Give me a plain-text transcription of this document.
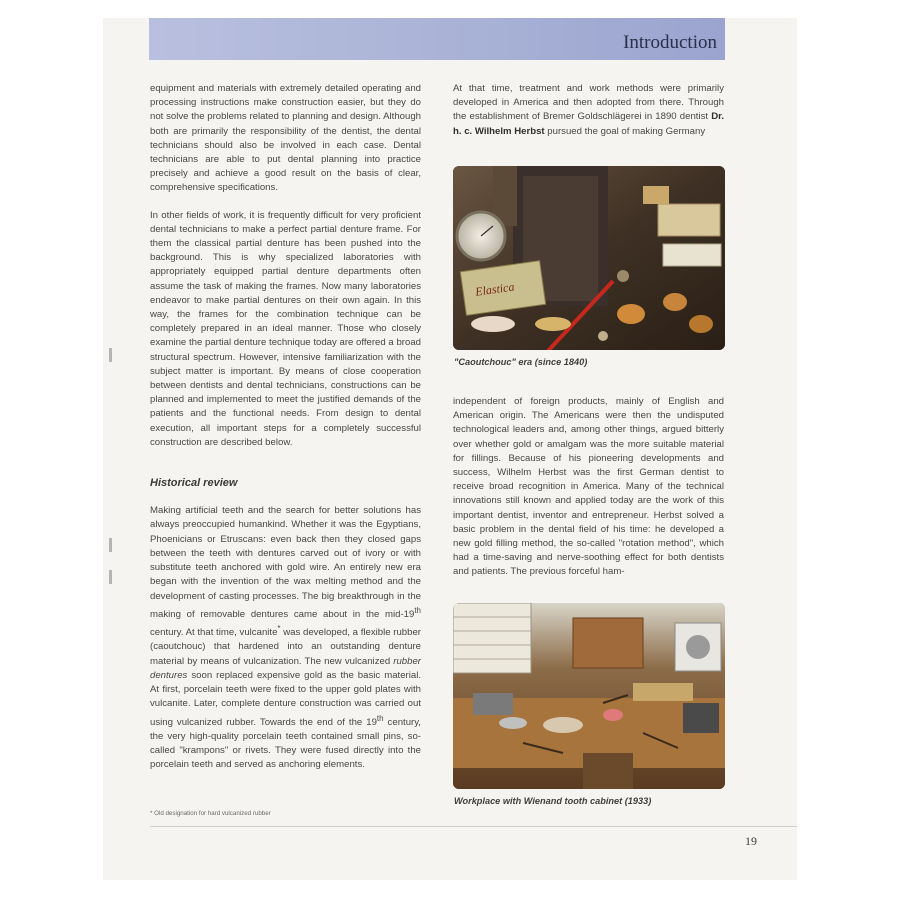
Introduction

equipment and materials with extremely detailed operating and processing instructions make construction easier, but they do not solve the problems related to planning and design. Although both are primarily the responsibility of the dentist, the dental technicians should also be involved in each case. Dental technicians are able to put dental planning into practice precisely and achieve a good result on the basis of clear, comprehensive specifications.

In other fields of work, it is frequently difficult for very proficient dental technicians to make a perfect partial denture frame. For them the classical partial denture has been pushed into the background. This is why specialized laboratories with appropriately equipped partial denture departments often assume the task of making the frames. Now many laboratories endeavor to make partial dentures on their own again. In this way, the frames for the combination technique can be completely prepared in an ideal manner. Those who closely examine the partial denture technique today are offered a broad structural spectrum. However, intensive familiarization with the subject matter is important. By means of close cooperation between dentists and dental technicians, constructions can be planned and implemented to meet the justified demands of the patients and the functional needs. From design to dental execution, all important steps for a completely successful construction are described below.

Historical review

Making artificial teeth and the search for better solutions has always preoccupied humankind. Whether it was the Egyptians, Phoenicians or Etruscans: even back then they closed gaps between the teeth with dentures carved out of ivory or with substitute teeth anchored with gold wire. An entirely new era began with the invention of the wax melting method and the development of casting processes. The big breakthrough in the making of removable dentures came about in the mid-19th century. At that time, vulcanite* was developed, a flexible rubber (caoutchouc) that hardened into an outstanding denture material by means of vulcanization. The new vulcanized rubber dentures soon replaced expensive gold as the basic material. At first, porcelain teeth were fixed to the upper gold plates with vulcanite. Later, complete denture construction was carried out using vulcanized rubber. Towards the end of the 19th century, the very high-quality porcelain teeth contained small pins, so-called "krampons" or rivets. They were fused directly into the porcelain teeth and served as anchoring elements.

At that time, treatment and work methods were primarily developed in America and then adopted from there. Through the establishment of Bremer Goldschlägerei in 1890 dentist Dr. h. c. Wilhelm Herbst pursued the goal of making Germany

Elastica
"Caoutchouc" era (since 1840)

independent of foreign products, mainly of English and American origin. The Americans were then the undisputed technological leaders and, among other things, argued bitterly over whether gold or amalgam was the more suitable material for fillings. Because of his pioneering developments and success, Wilhelm Herbst was the first German dentist to receive broad recognition in America. Many of the technical innovations still known and applied today are the work of this important dentist, inventor and entrepreneur. Herbst solved a basic problem in the dental field of his time: he developed a new gold filling method, the so-called "rotation method", which had a time-saving and nerve-soothing effect for both dentists and patients. The previous forceful ham-

Workplace with Wienand tooth cabinet (1933)
* Old designation for hard vulcanized rubber
19
